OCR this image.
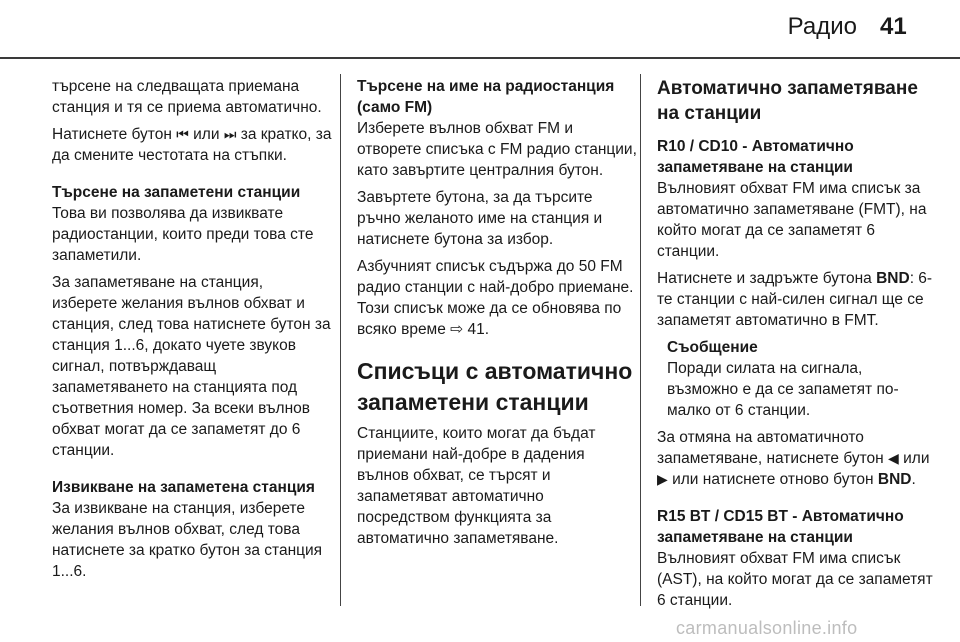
Радио 41

търсене на следващата приемана станция и тя се приема автоматично.

Натиснете бутон ⏮ или ⏭ за кратко, за да смените честотата на стъпки.

Търсене на запаметени станции

Това ви позволява да извиквате радиостанции, които преди това сте запаметили.

За запаметяване на станция, изберете желания вълнов обхват и станция, след това натиснете бутон за станция 1...6, докато чуете звуков сигнал, потвърждаващ запаметяването на станцията под съответния номер. За всеки вълнов обхват могат да се запаметят до 6 станции.

Извикване на запаметена станция

За извикване на станция, изберете желания вълнов обхват, след това натиснете за кратко бутон за станция 1...6.

Търсене на име на радиостанция (само FM)

Изберете вълнов обхват FM и отворете списъка с FM радио станции, като завъртите централния бутон.

Завъртете бутона, за да търсите ръчно желаното име на станция и натиснете бутона за избор.

Азбучният списък съдържа до 50 FM радио станции с най-добро приемане. Този списък може да се обновява по всяко време ⇨ 41.

Списъци с автоматично запаметени станции

Станциите, които могат да бъдат приемани най-добре в дадения вълнов обхват, се търсят и запаметяват автоматично посредством функцията за автоматично запаметяване.

Автоматично запаметяване на станции
R10 / CD10 - Автоматично запаметяване на станции

Вълновият обхват FM има списък за автоматично запаметяване (FMT), на който могат да се запаметят 6 станции.

Натиснете и задръжте бутона BND: 6-те станции с най-силен сигнал ще се запаметят автоматично в FMT.

Съобщение

Поради силата на сигнала, възможно е да се запаметят по-малко от 6 станции.

За отмяна на автоматичното запаметяване, натиснете бутон ◀ или ▶ или натиснете отново бутон BND.

R15 BT / CD15 BT - Автоматично запаметяване на станции

Вълновият обхват FM има списък (AST), на който могат да се запаметят 6 станции.

carmanualsonline.info
